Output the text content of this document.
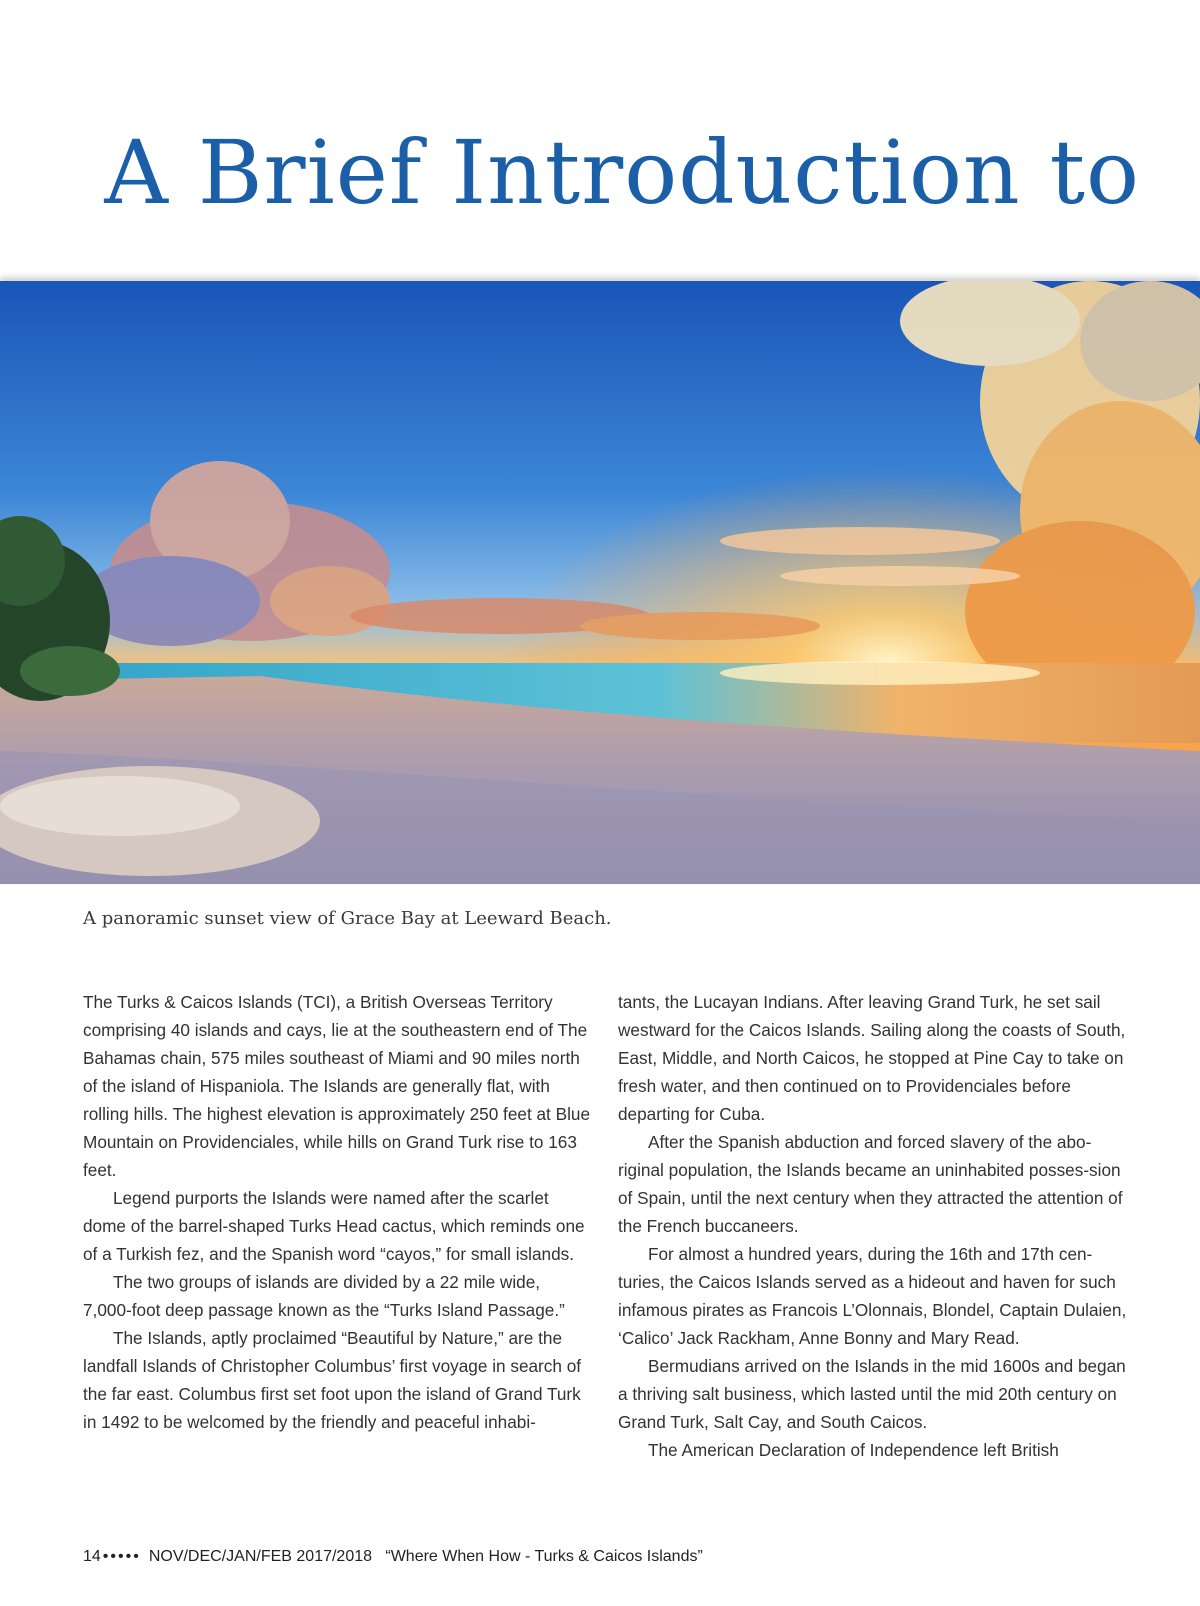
A Brief Introduction to
A panoramic sunset view of Grace Bay at Leeward Beach.

The Turks & Caicos Islands (TCI), a British Overseas Territory comprising 40 islands and cays, lie at the southeastern end of The Bahamas chain, 575 miles southeast of Miami and 90 miles north of the island of Hispaniola. The Islands are generally flat, with rolling hills. The highest elevation is approximately 250 feet at Blue Mountain on Providenciales, while hills on Grand Turk rise to 163 feet.

Legend purports the Islands were named after the scarlet dome of the barrel-shaped Turks Head cactus, which reminds one of a Turkish fez, and the Spanish word “cayos,” for small islands.

The two groups of islands are divided by a 22 mile wide, 7,000-foot deep passage known as the “Turks Island Passage.”

The Islands, aptly proclaimed “Beautiful by Nature,” are the landfall Islands of Christopher Columbus’ first voyage in search of the far east. Columbus first set foot upon the island of Grand Turk in 1492 to be welcomed by the friendly and peaceful inhabi-

tants, the Lucayan Indians. After leaving Grand Turk, he set sail westward for the Caicos Islands. Sailing along the coasts of South, East, Middle, and North Caicos, he stopped at Pine Cay to take on fresh water, and then continued on to Providenciales before departing for Cuba.

After the Spanish abduction and forced slavery of the abo-riginal population, the Islands became an uninhabited posses-sion of Spain, until the next century when they attracted the attention of the French buccaneers.

For almost a hundred years, during the 16th and 17th cen-turies, the Caicos Islands served as a hideout and haven for such infamous pirates as Francois L’Olonnais, Blondel, Captain Dulaien, ‘Calico’ Jack Rackham, Anne Bonny and Mary Read.

Bermudians arrived on the Islands in the mid 1600s and began a thriving salt business, which lasted until the mid 20th century on Grand Turk, Salt Cay, and South Caicos.

The American Declaration of Independence left British

14 ••••• NOV/DEC/JAN/FEB 2017/2018 “Where When How - Turks & Caicos Islands”
